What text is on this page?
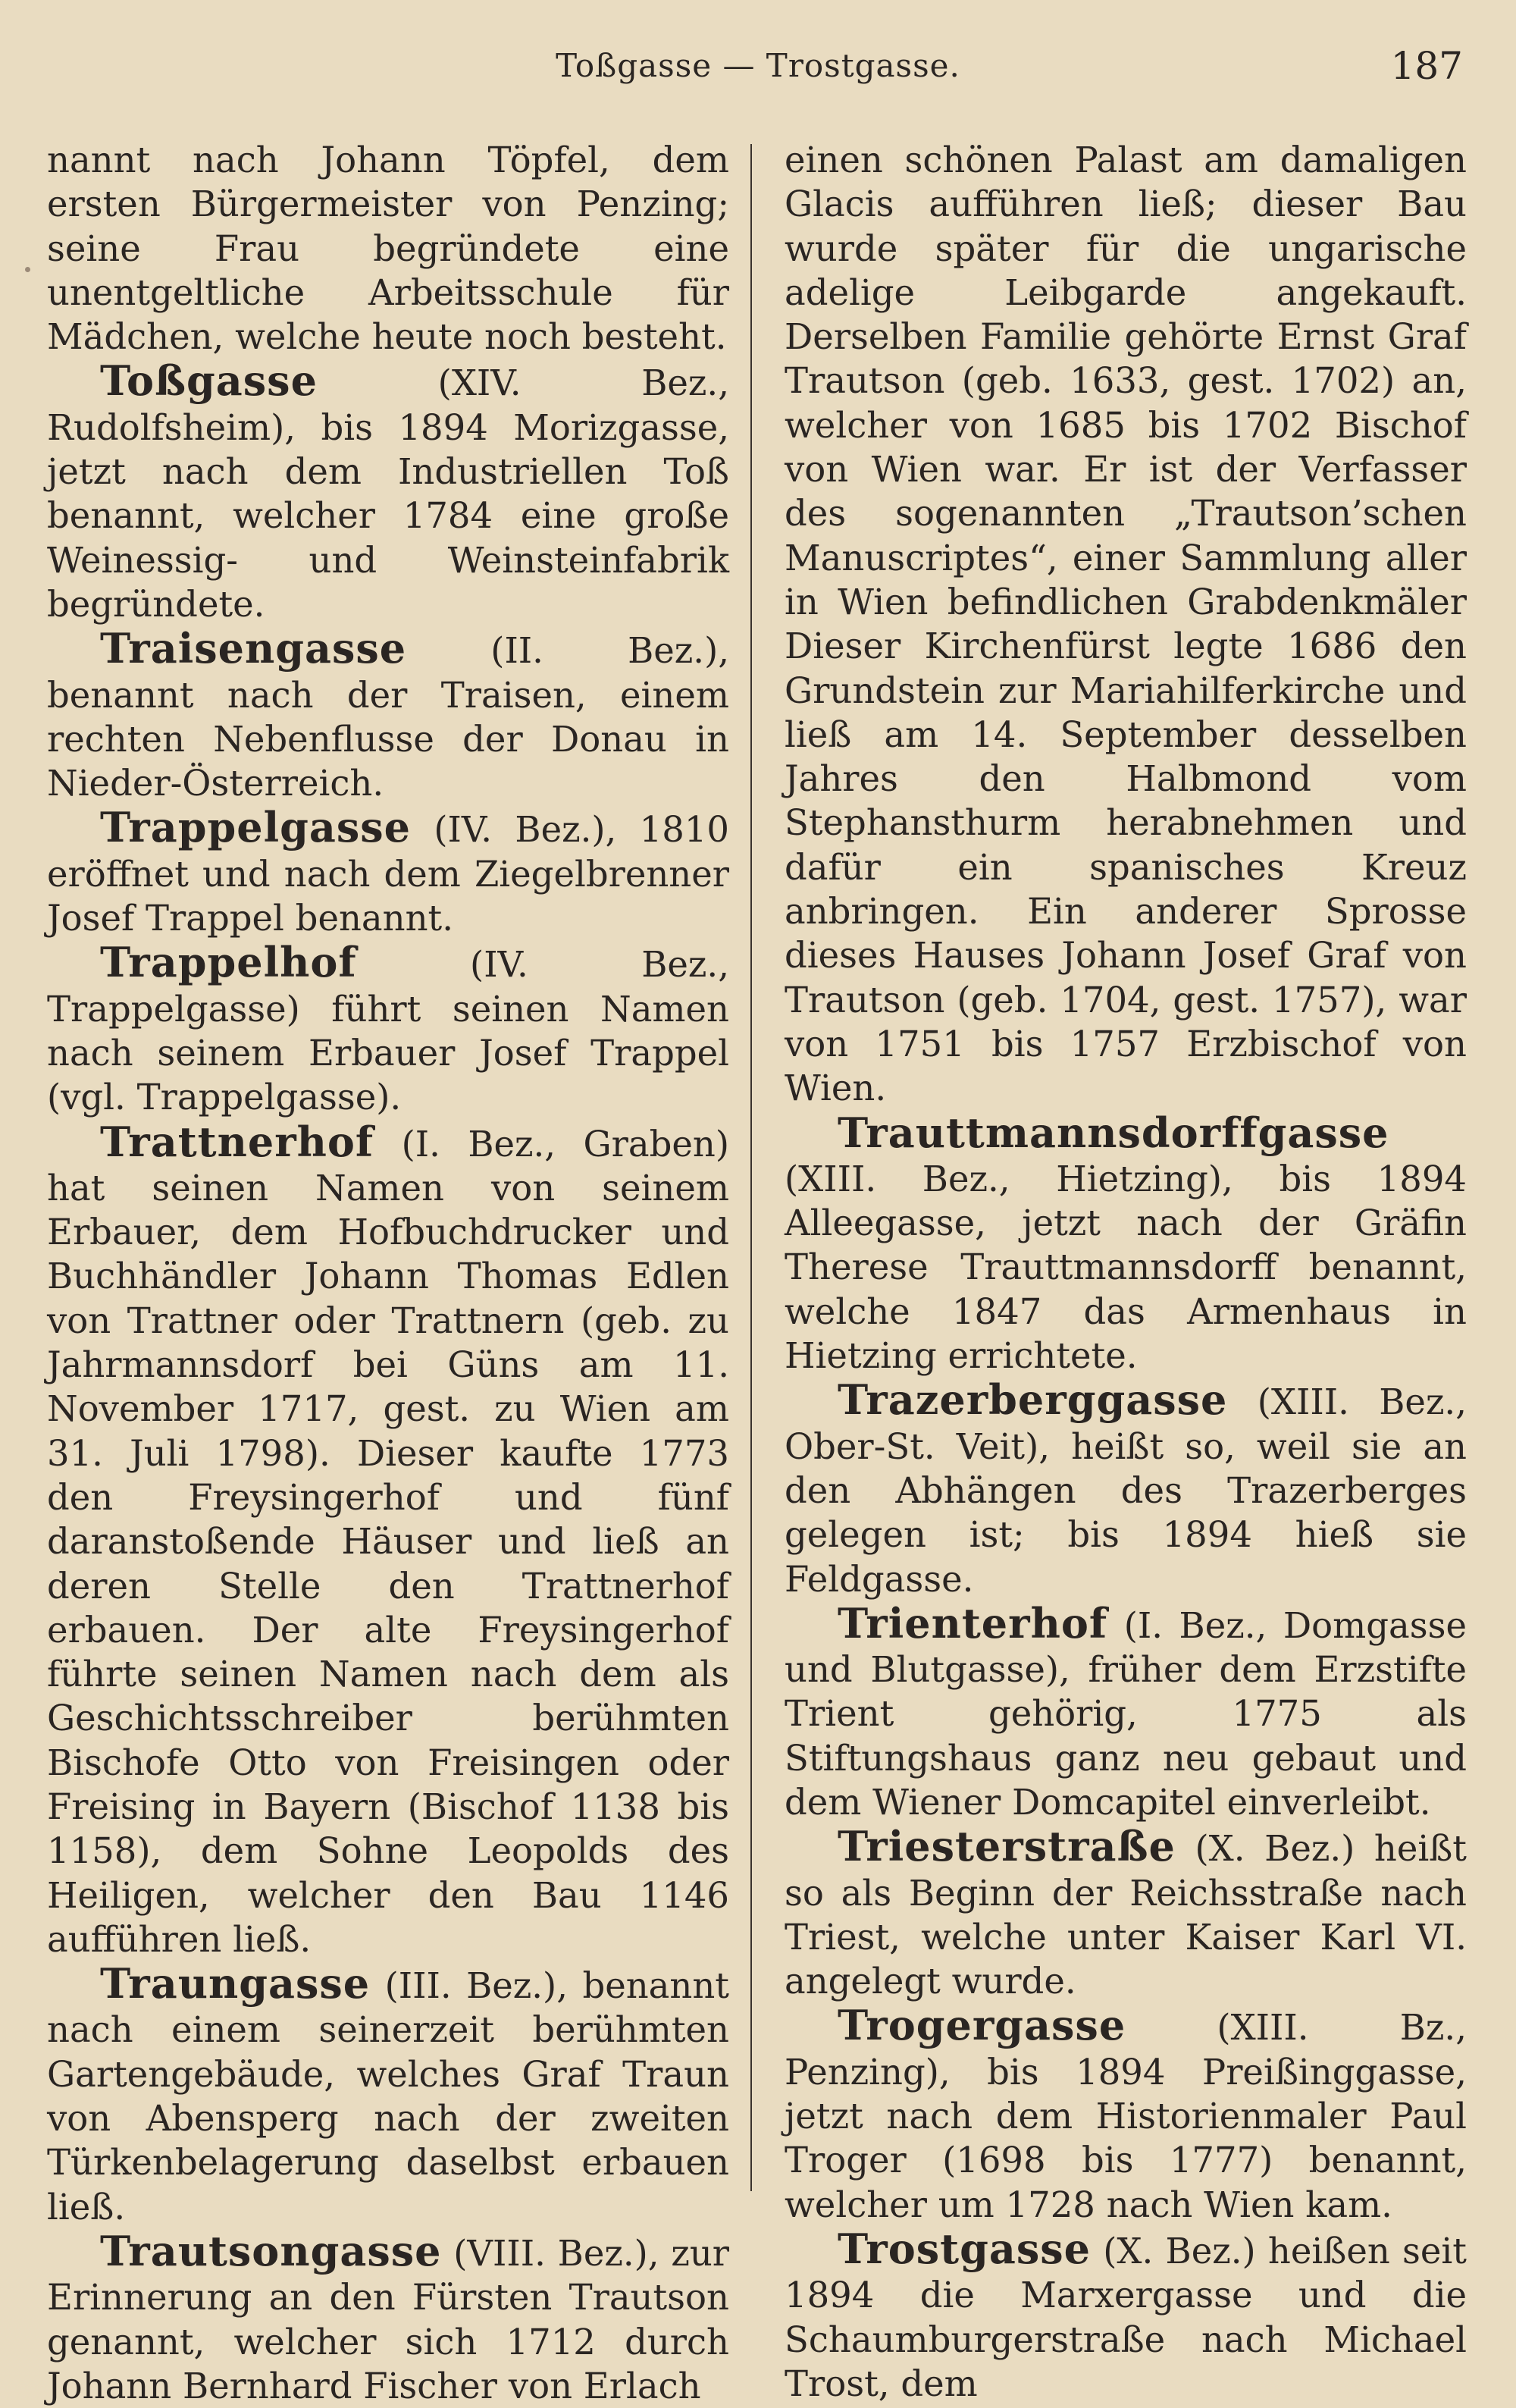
Toßgasse — Trostgasse.	187

nannt nach Johann Töpfel, dem ersten Bürgermeister von Penzing; seine Frau begründete eine unentgeltliche Arbeitsschule für Mädchen, welche heute noch besteht.

Toßgasse	(XIV. Bez., Rudolfsheim), bis 1894 Morizgasse, jetzt nach dem Industriellen Toß benannt, welcher 1784 eine große Weinessig- und Weinsteinfabrik begründete.

Traisengasse (II. Bez.), benannt nach der Traisen, einem rechten Nebenflusse der Donau in Nieder-Österreich.

Trappelgasse (IV. Bez.), 1810 eröffnet und nach dem Ziegelbrenner Josef Trappel benannt.

Trappelhof	(IV. Bez., Trappelgasse) führt seinen Namen nach seinem Erbauer Josef Trappel (vgl. Trappelgasse).

Trattnerhof (I. Bez., Graben) hat seinen Namen von seinem Erbauer, dem Hofbuchdrucker und Buchhändler Johann Thomas Edlen von Trattner oder Trattnern (geb. zu Jahrmannsdorf bei Güns am 11. November 1717, gest. zu Wien am 31. Juli 1798). Dieser kaufte 1773 den Freysingerhof und fünf daranstoßende Häuser und ließ an deren Stelle den Trattnerhof erbauen. Der alte Freysingerhof führte seinen Namen nach dem als Geschichtsschreiber berühmten Bischofe Otto von Freisingen oder Freising in Bayern (Bischof 1138 bis 1158), dem Sohne Leopolds des Heiligen, welcher den Bau 1146 aufführen ließ.

Traungasse (III. Bez.), benannt nach einem seinerzeit berühmten Gartengebäude, welches Graf Traun von Abensperg nach der zweiten Türkenbelagerung daselbst erbauen ließ.

Trautsongasse (VIII. Bez.), zur Erinnerung an den Fürsten Trautson genannt, welcher sich 1712 durch Johann Bernhard Fischer von Erlach

einen schönen Palast am damaligen Glacis aufführen ließ; dieser Bau wurde später für die ungarische adelige Leibgarde angekauft. Derselben Familie gehörte Ernst Graf Trautson (geb. 1633, gest. 1702) an, welcher von 1685 bis 1702 Bischof von Wien war. Er ist der Verfasser des sogenannten „Trautson’schen Manuscriptes“, einer Sammlung aller in Wien befindlichen Grabdenkmäler Dieser Kirchenfürst legte 1686 den Grundstein zur Mariahilferkirche und ließ am 14. September desselben Jahres den Halbmond vom Stephansthurm herabnehmen und dafür ein spanisches Kreuz anbringen. Ein anderer Sprosse dieses Hauses Johann Josef Graf von Trautson (geb. 1704, gest. 1757), war von 1751 bis 1757 Erzbischof von Wien.

Trauttmannsdorffgasse (XIII. Bez., Hietzing), bis 1894 Alleegasse, jetzt nach der Gräfin Therese Trauttmannsdorff benannt, welche 1847 das Armenhaus in Hietzing errichtete.

Trazerberggasse (XIII. Bez., Ober-St. Veit), heißt so, weil sie an den Abhängen des Trazerberges gelegen ist; bis 1894 hieß sie Feldgasse.

Trienterhof (I. Bez., Domgasse und Blutgasse), früher dem Erzstifte Trient gehörig, 1775 als Stiftungshaus ganz neu gebaut und dem Wiener Domcapitel einverleibt.

Triesterstraße (X. Bez.) heißt so als Beginn der Reichsstraße nach Triest, welche unter Kaiser Karl VI. angelegt wurde.

Trogergasse	(XIII. Bz., Penzing), bis 1894 Preißinggasse, jetzt nach dem Historienmaler Paul Troger (1698 bis 1777) benannt, welcher um 1728 nach Wien kam.

Trostgasse (X. Bez.) heißen seit 1894 die Marxergasse und die Schaumburgerstraße nach Michael Trost, dem
